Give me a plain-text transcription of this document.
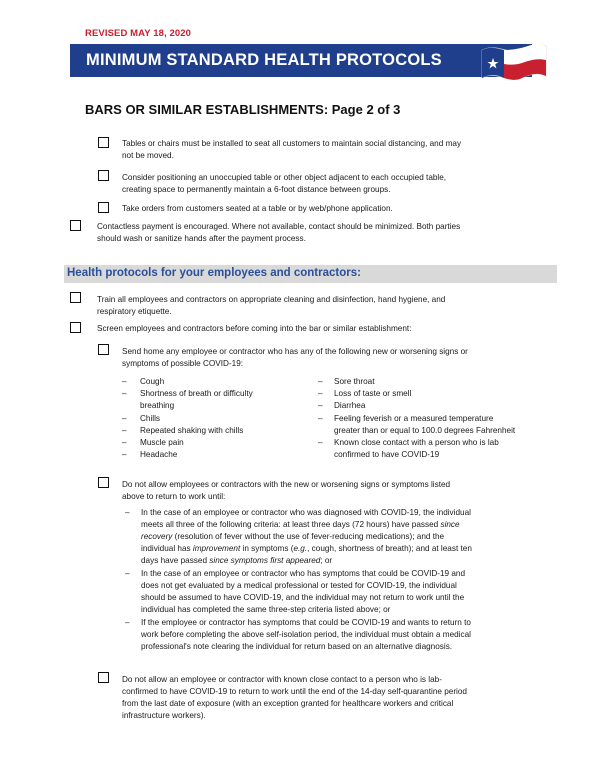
REVISED MAY 18, 2020
MINIMUM STANDARD HEALTH PROTOCOLS
BARS OR SIMILAR ESTABLISHMENTS: Page 2 of 3
Tables or chairs must be installed to seat all customers to maintain social distancing, and may
not be moved.
Consider positioning an unoccupied table or other object adjacent to each occupied table,
creating space to permanently maintain a 6-foot distance between groups.
Take orders from customers seated at a table or by web/phone application.
Contactless payment is encouraged. Where not available, contact should be minimized. Both parties
should wash or sanitize hands after the payment process.
Health protocols for your employees and contractors:
Train all employees and contractors on appropriate cleaning and disinfection, hand hygiene, and
respiratory etiquette.
Screen employees and contractors before coming into the bar or similar establishment:
Send home any employee or contractor who has any of the following new or worsening signs or
symptoms of possible COVID-19:
– Cough
– Shortness of breath or difficulty
breathing
– Chills
– Repeated shaking with chills
– Muscle pain
– Headache
– Sore throat
– Loss of taste or smell
– Diarrhea
– Feeling feverish or a measured temperature
greater than or equal to 100.0 degrees Fahrenheit
– Known close contact with a person who is lab
confirmed to have COVID-19
Do not allow employees or contractors with the new or worsening signs or symptoms listed
above to return to work until:
– In the case of an employee or contractor who was diagnosed with COVID-19, the individual
meets all three of the following criteria: at least three days (72 hours) have passed since
recovery (resolution of fever without the use of fever-reducing medications); and the
individual has improvement in symptoms (e.g., cough, shortness of breath); and at least ten
days have passed since symptoms first appeared; or
– In the case of an employee or contractor who has symptoms that could be COVID-19 and
does not get evaluated by a medical professional or tested for COVID-19, the individual
should be assumed to have COVID-19, and the individual may not return to work until the
individual has completed the same three-step criteria listed above; or
– If the employee or contractor has symptoms that could be COVID-19 and wants to return to
work before completing the above self-isolation period, the individual must obtain a medical
professional's note clearing the individual for return based on an alternative diagnosis.
Do not allow an employee or contractor with known close contact to a person who is lab-
confirmed to have COVID-19 to return to work until the end of the 14-day self-quarantine period
from the last date of exposure (with an exception granted for healthcare workers and critical
infrastructure workers).
